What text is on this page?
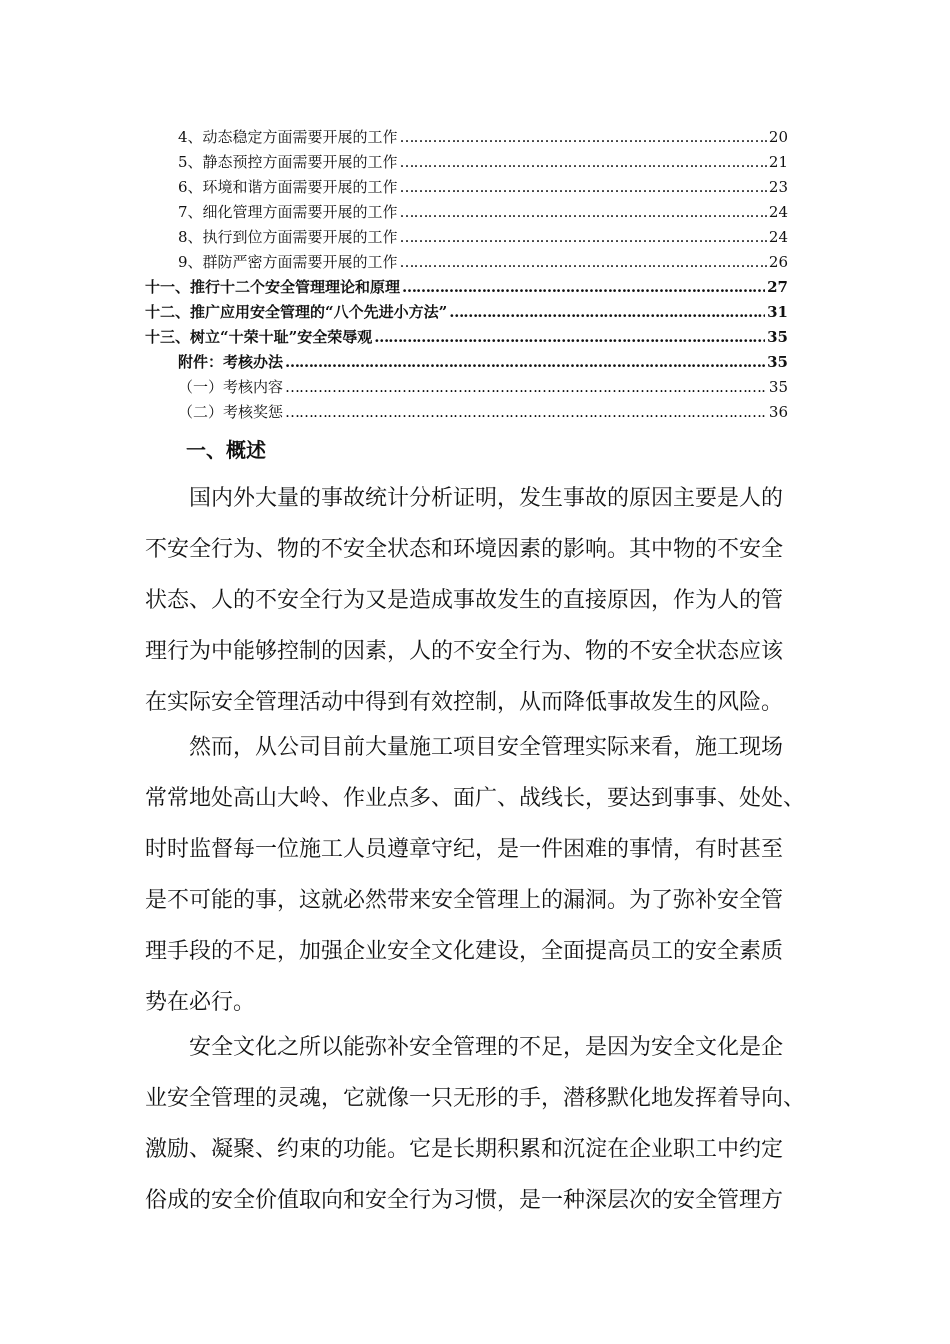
4、动态稳定方面需要开展的工作 ………………………………………………………………………………………………………………………………………………	20
5、静态预控方面需要开展的工作 ………………………………………………………………………………………………………………………………………………	21
6、环境和谐方面需要开展的工作 ………………………………………………………………………………………………………………………………………………	23
7、细化管理方面需要开展的工作 ………………………………………………………………………………………………………………………………………………	24
8、执行到位方面需要开展的工作 ………………………………………………………………………………………………………………………………………………	24
9、群防严密方面需要开展的工作 ………………………………………………………………………………………………………………………………………………	26
十一、推行十二个安全管理理论和原理 ………………………………………………………………………………………………………………………………………………	27
十二、推广应用安全管理的“八个先进小方法” ………………………………………………………………………………………………………………………………………………	31
十三、树立“十荣十耻”安全荣辱观 ………………………………………………………………………………………………………………………………………………	35
附件：考核办法 ………………………………………………………………………………………………………………………………………………	35
（一）考核内容 ………………………………………………………………………………………………………………………………………………	35
（二）考核奖惩 ………………………………………………………………………………………………………………………………………………	36
一、概述
　　国内外大量的事故统计分析证明，发生事故的原因主要是人的
不安全行为、物的不安全状态和环境因素的影响。其中物的不安全
状态、人的不安全行为又是造成事故发生的直接原因，作为人的管
理行为中能够控制的因素，人的不安全行为、物的不安全状态应该
在实际安全管理活动中得到有效控制，从而降低事故发生的风险。
　　然而，从公司目前大量施工项目安全管理实际来看，施工现场
常常地处高山大岭、作业点多、面广、战线长，要达到事事、处处、
时时监督每一位施工人员遵章守纪，是一件困难的事情，有时甚至
是不可能的事，这就必然带来安全管理上的漏洞。为了弥补安全管
理手段的不足，加强企业安全文化建设，全面提高员工的安全素质
势在必行。
　　安全文化之所以能弥补安全管理的不足，是因为安全文化是企
业安全管理的灵魂，它就像一只无形的手，潜移默化地发挥着导向、
激励、凝聚、约束的功能。它是长期积累和沉淀在企业职工中约定
俗成的安全价值取向和安全行为习惯，是一种深层次的安全管理方
